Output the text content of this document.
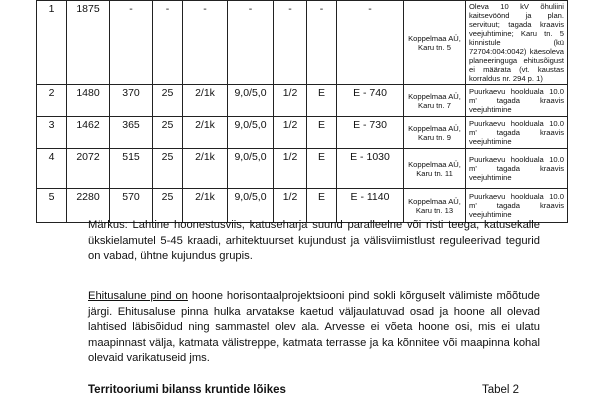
1	1875	-	-	-	-	-	-	-	Koppelmaa AÜ, Karu tn. 5	Oleva 10 kV õhuliini kaitsevöönd ja plan. servituut; tagada kraavis veejuhtimine; Karu tn. 5 kinnistule (kü 72704:004:0042) käesoleva planeeringuga ehitusõigust ei määrata (vt. kaustas korraldus nr. 294 p. 1)
2	1480	370	25	2/1k	9,0/5,0	1/2	E	E - 740	Koppelmaa AÜ, Karu tn. 7	Puurkaevu hoolduala 10.0 m' tagada kraavis veejuhtimine
3	1462	365	25	2/1k	9,0/5,0	1/2	E	E - 730	Koppelmaa AÜ, Karu tn. 9	Puurkaevu hoolduala 10.0 m' tagada kraavis veejuhtimine
4	2072	515	25	2/1k	9,0/5,0	1/2	E	E - 1030	Koppelmaa AÜ, Karu tn. 11	Puurkaevu hoolduala 10.0 m' tagada kraavis veejuhtimine
5	2280	570	25	2/1k	9,0/5,0	1/2	E	E - 1140	Koppelmaa AÜ, Karu tn. 13	Puurkaevu hoolduala 10.0 m' tagada kraavis veejuhtimine

Märkus: Lahtine hoonestusviis, katuseharja suund paralleelne või risti teega, katusekalle ükskielamutel 5-45 kraadi, arhitektuurset kujundust ja välisviimistlust reguleerivad tegurid on vabad, ühtne kujundus grupis.

Ehitusalune pind on hoone horisontaalprojektsiooni pind sokli kõrguselt välimiste mõõtude järgi. Ehitusaluse pinna hulka arvatakse kaetud väljaulatuvad osad ja hoone all olevad lahtised läbisõidud ning sammastel olev ala. Arvesse ei võeta hoone osi, mis ei ulatu maapinnast välja, katmata välistreppe, katmata terrasse ja ka kõnnitee või maapinna kohal olevaid varikatuseid jms.

Territooriumi bilanss kruntide lõikes	Tabel 2
